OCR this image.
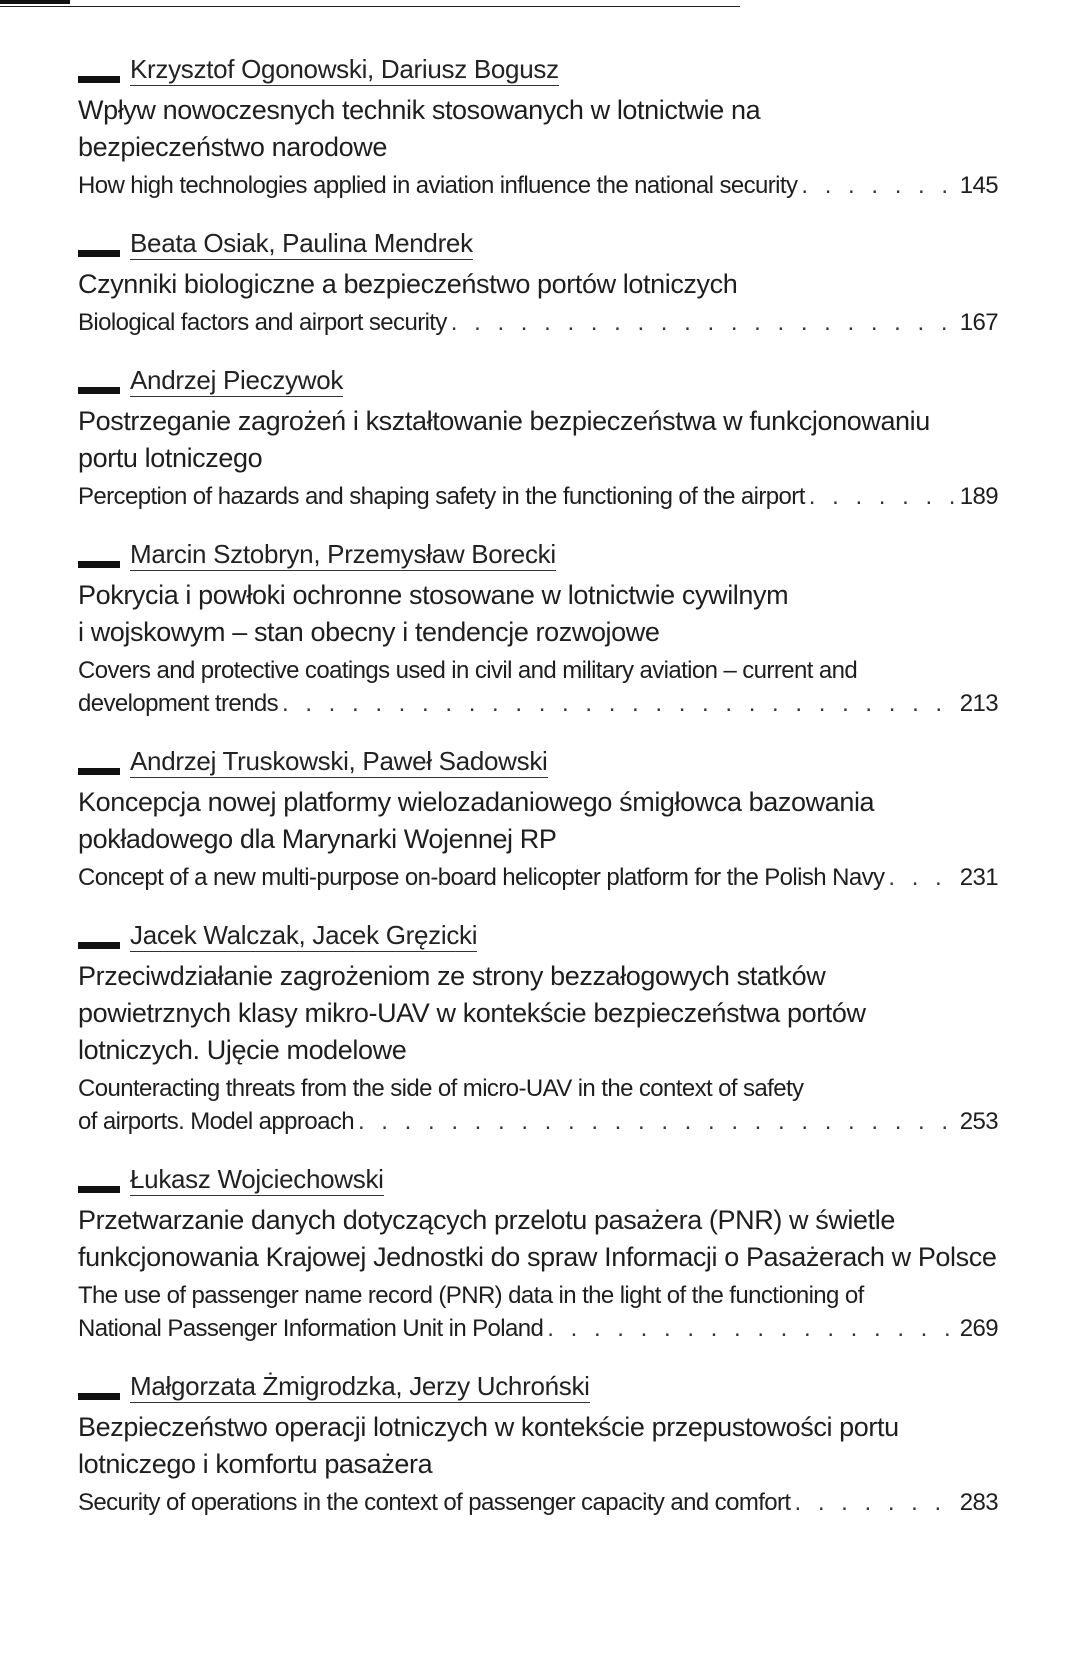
Krzysztof Ogonowski, Dariusz Bogusz
Wpływ nowoczesnych technik stosowanych w lotnictwie na
bezpieczeństwo narodowe
How high technologies applied in aviation influence the national security . . .	145
Beata Osiak, Paulina Mendrek
Czynniki biologiczne a bezpieczeństwo portów lotniczych
Biological factors and airport security . . .	167
Andrzej Pieczywok
Postrzeganie zagrożeń i kształtowanie bezpieczeństwa w funkcjonowaniu
portu lotniczego
Perception of hazards and shaping safety in the functioning of the airport . . .	189
Marcin Sztobryn, Przemysław Borecki
Pokrycia i powłoki ochronne stosowane w lotnictwie cywilnym
i wojskowym – stan obecny i tendencje rozwojowe
Covers and protective coatings used in civil and military aviation – current and
development trends . . .	213
Andrzej Truskowski, Paweł Sadowski
Koncepcja nowej platformy wielozadaniowego śmigłowca bazowania
pokładowego dla Marynarki Wojennej RP
Concept of a new multi-purpose on-board helicopter platform for the Polish Navy . . .	231
Jacek Walczak, Jacek Gręzicki
Przeciwdziałanie zagrożeniom ze strony bezzałogowych statków
powietrznych klasy mikro-UAV w kontekście bezpieczeństwa portów
lotniczych. Ujęcie modelowe
Counteracting threats from the side of micro-UAV in the context of safety
of airports. Model approach . . .	253
Łukasz Wojciechowski
Przetwarzanie danych dotyczących przelotu pasażera (PNR) w świetle
funkcjonowania Krajowej Jednostki do spraw Informacji o Pasażerach w Polsce
The use of passenger name record (PNR) data in the light of the functioning of
National Passenger Information Unit in Poland . . .	269
Małgorzata Żmigrodzka, Jerzy Uchroński
Bezpieczeństwo operacji lotniczych w kontekście przepustowości portu
lotniczego i komfortu pasażera
Security of operations in the context of passenger capacity and comfort . . .	283
